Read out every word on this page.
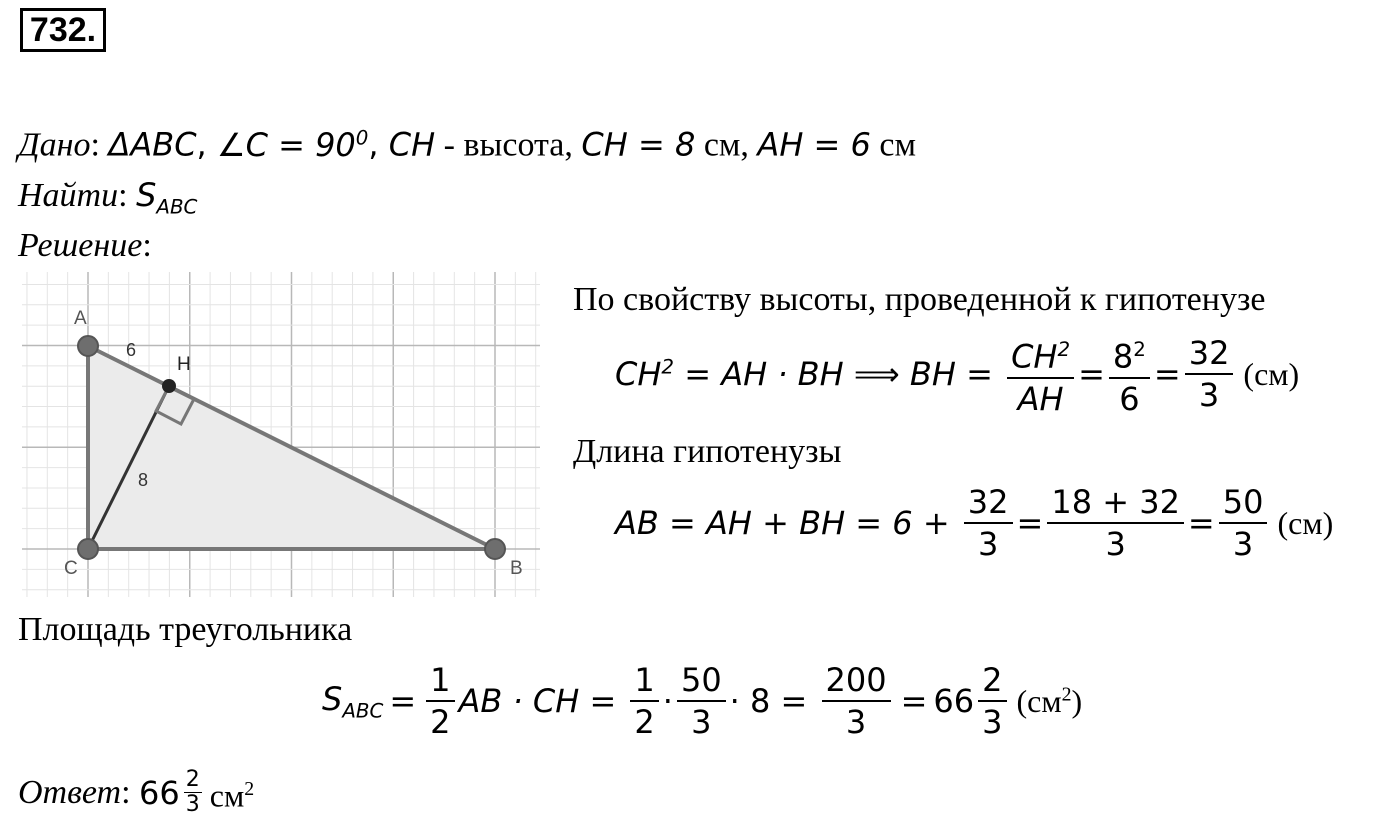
732.
Дано: ΔABC, ∠C = $90^0$, CH - высота, CH = 8 см, AH = 6 см
Найти: $S_{ABC}$
Решение:
A
H
C	B
6
8
По свойству высоты, проведенной к гипотенузе
$CH^2$ = AH · BH ⟹ BH = $\frac{CH^2}{AH} = \frac{8^2}{6} = \frac{32}{3} (см)$
Длина гипотенузы
AB = AH + BH = $6 + \frac{32}{3} = \frac{18 + 32}{3} = \frac{50}{3} (см)$
Площадь треугольника
$S_{ABC} = \frac{1}{2}$ AB · CH = $\frac{1}{2} \cdot \frac{50}{3} \cdot 8 = \frac{200}{3} = 66 \frac{2}{3} (см^2)$
Ответ : $66 \frac{2}{3} см^2$
